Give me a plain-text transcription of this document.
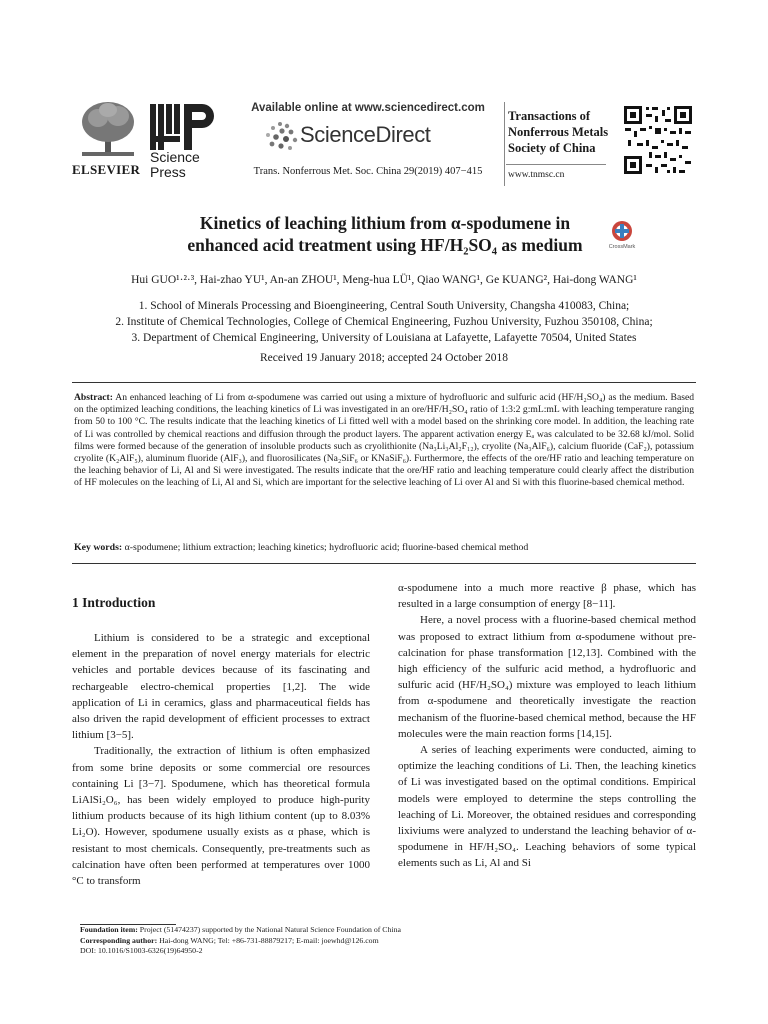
ELSEVIER
Science
Press
Available online at www.sciencedirect.com
ScienceDirect
Trans. Nonferrous Met. Soc. China 29(2019) 407−415
Transactions of
Nonferrous Metals
Society of China
www.tnmsc.cn
Kinetics of leaching lithium from α-spodumene in
enhanced acid treatment using HF/H₂SO₄ as medium	CrossMark
Hui GUO¹·²·³, Hai-zhao YU¹, An-an ZHOU¹, Meng-hua LÜ¹, Qiao WANG¹, Ge KUANG², Hai-dong WANG¹
1. School of Minerals Processing and Bioengineering, Central South University, Changsha 410083, China;
2. Institute of Chemical Technologies, College of Chemical Engineering, Fuzhou University, Fuzhou 350108, China;
3. Department of Chemical Engineering, University of Louisiana at Lafayette, Lafayette 70504, United States
Received 19 January 2018; accepted 24 October 2018
Abstract: An enhanced leaching of Li from α-spodumene was carried out using a mixture of hydrofluoric and sulfuric acid (HF/H₂SO₄) as the medium. Based on the optimized leaching conditions, the leaching kinetics of Li was investigated in an ore/HF/H₂SO₄ ratio of 1:3:2 g:mL:mL with leaching temperature ranging from 50 to 100 °C. The results indicate that the leaching kinetics of Li fitted well with a model based on the shrinking core model. In addition, the leaching rate of Li was controlled by chemical reactions and diffusion through the product layers. The apparent activation energy Eₐ was calculated to be 32.68 kJ/mol. Solid films were formed because of the generation of insoluble products such as cryolithionite (Na₃Li₃Al₂F₁₂), cryolite (Na₃AlF₆), calcium fluoride (CaF₂), potassium cryolite (K₂AlF₅), aluminum fluoride (AlF₃), and fluorosilicates (Na₂SiF₆ or KNaSiF₆). Furthermore, the effects of the ore/HF ratio and leaching temperature on the leaching behavior of Li, Al and Si were investigated. The results indicate that the ore/HF ratio and leaching temperature could clearly affect the distribution of HF molecules on the leaching of Li, Al and Si, which are important for the selective leaching of Li over Al and Si with this fluorine-based chemical method.
Key words: α-spodumene; lithium extraction; leaching kinetics; hydrofluoric acid; fluorine-based chemical method
1 Introduction

Lithium is considered to be a strategic and exceptional element in the preparation of novel energy materials for electric vehicles and portable devices because of its fascinating and rechargeable electro-chemical properties [1,2]. The wide application of Li in ceramics, glass and pharmaceutical fields has also driven the rapid development of efficient processes to extract lithium [3−5].

Traditionally, the extraction of lithium is often emphasized from some brine deposits or some commercial ore resources containing Li [3−7]. Spodumene, which has theoretical formula LiAlSi₂O₆, has been widely employed to produce high-purity lithium products because of its high lithium content (up to 8.03% Li₂O). However, spodumene usually exists as α phase, which is resistant to most chemicals. Consequently, pre-treatments such as calcination have often been performed at temperatures over 1000 °C to transform

α-spodumene into a much more reactive β phase, which has resulted in a large consumption of energy [8−11].

Here, a novel process with a fluorine-based chemical method was proposed to extract lithium from α-spodumene without pre-calcination for phase transformation [12,13]. Combined with the high efficiency of the sulfuric acid method, a hydrofluoric and sulfuric acid (HF/H₂SO₄) mixture was employed to leach lithium from α-spodumene and theoretically investigate the reaction mechanism of the fluorine-based chemical method, because the HF molecules were the main reaction forms [14,15].

A series of leaching experiments were conducted, aiming to optimize the leaching conditions of Li. Then, the leaching kinetics of Li was investigated based on the optimal conditions. Empirical models were employed to determine the steps controlling the leaching of Li. Moreover, the obtained residues and corresponding lixiviums were analyzed to understand the leaching behavior of α-spodumene in HF/H₂SO₄. Leaching behaviors of some typical elements such as Li, Al and Si

Foundation item: Project (51474237) supported by the National Natural Science Foundation of China
Corresponding author: Hai-dong WANG; Tel: +86-731-88879217; E-mail: joewhd@126.com
DOI: 10.1016/S1003-6326(19)64950-2
